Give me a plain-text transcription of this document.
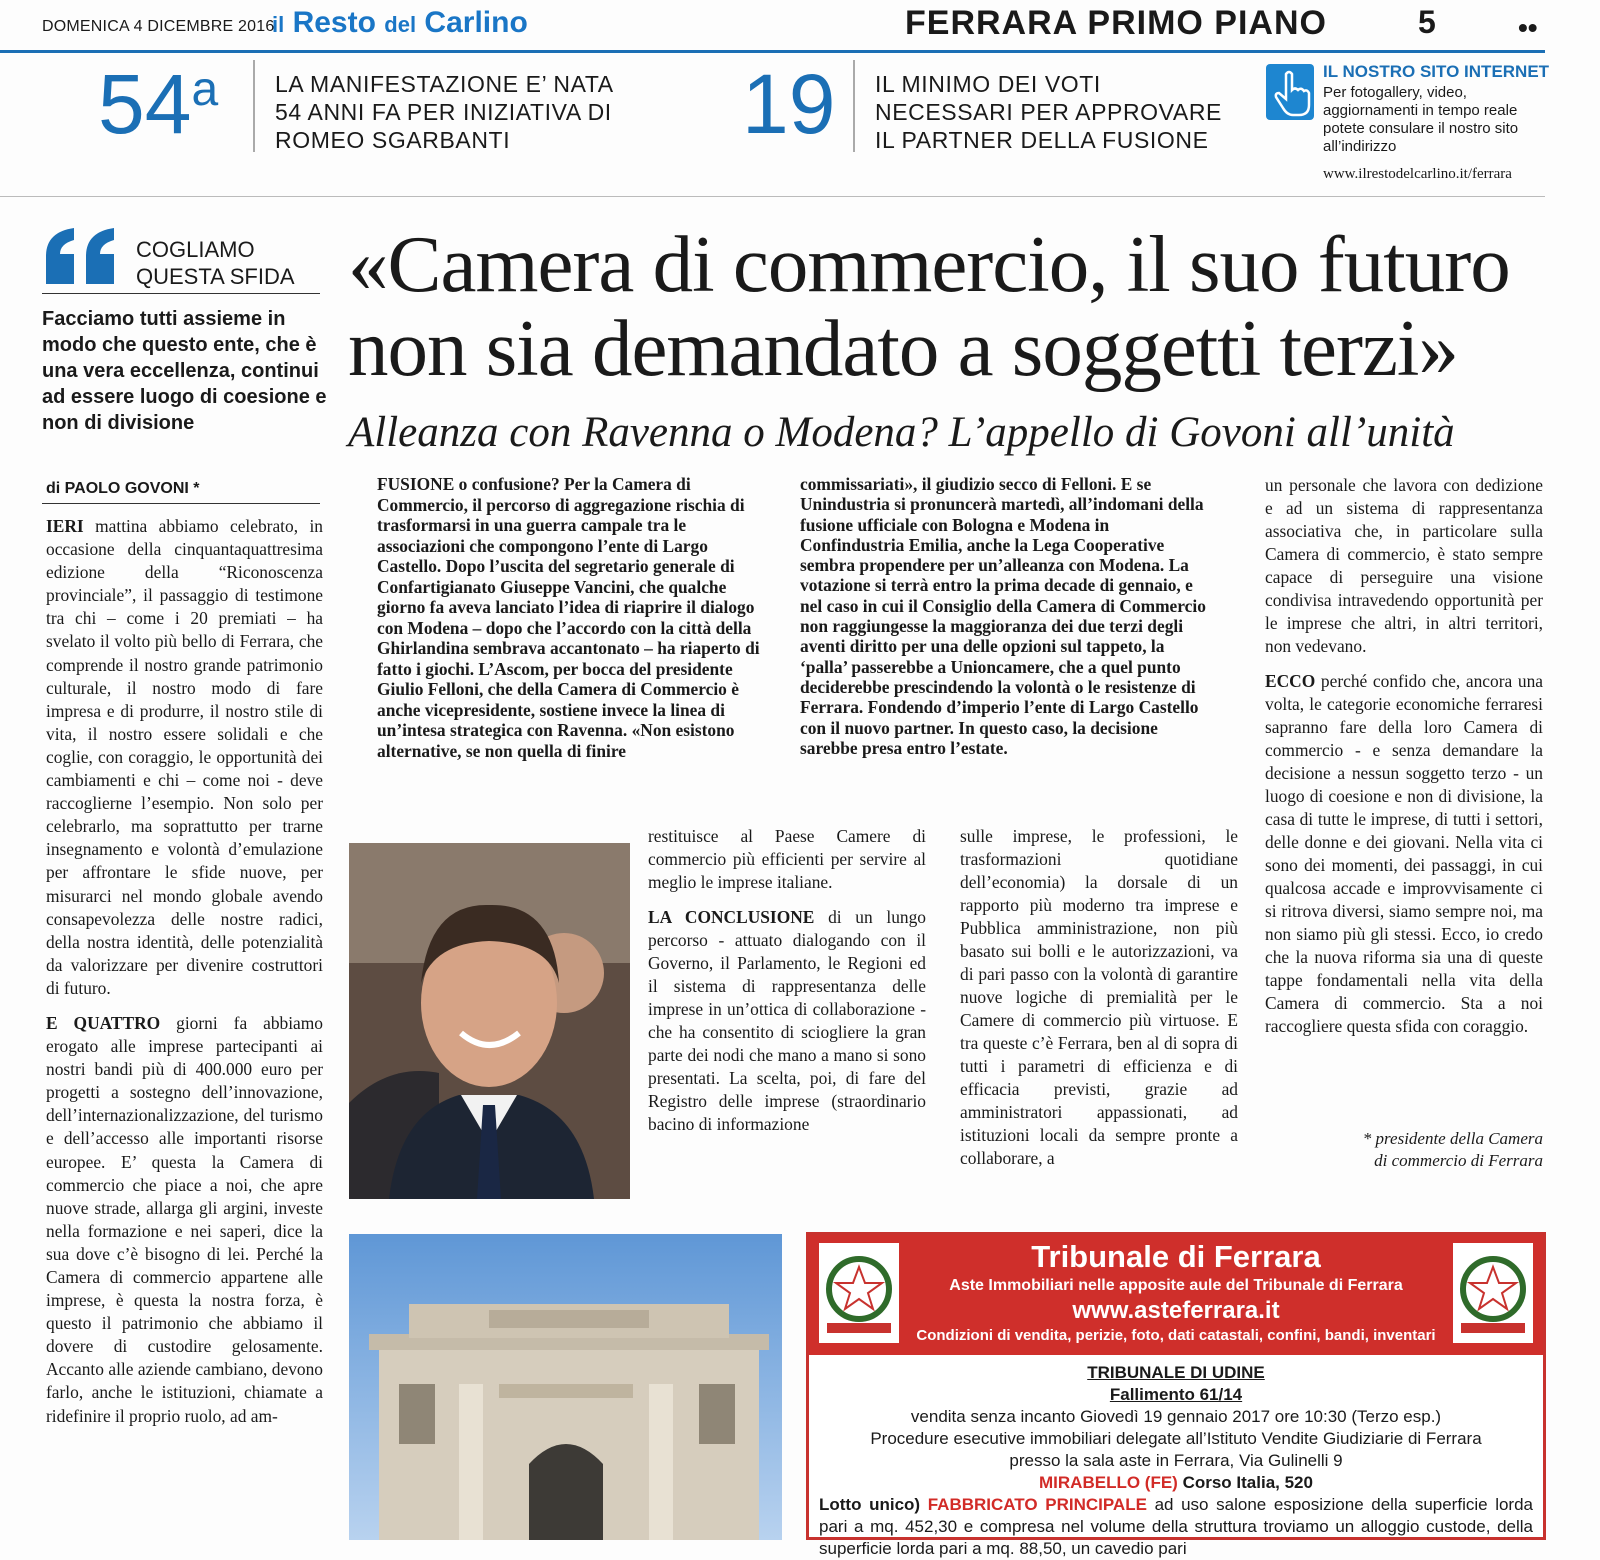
DOMENICA 4 DICEMBRE 2016
il Resto del Carlino	FERRARA PRIMO PIANO	5	••
54$^a$ LA MANIFESTAZIONE E’ NATA 54 ANNI FA PER INIZIATIVA DI ROMEO SGARBANTI	19 IL MINIMO DEI VOTI NECESSARI PER APPROVARE IL PARTNER DELLA FUSIONE
IL NOSTRO SITO INTERNET
Per fotogallery, video, aggiornamenti in tempo reale potete consulare il nostro sito all’indirizzo
www.ilrestodelcarlino.it/ferrara
COGLIAMO
QUESTA SFIDA
Facciamo tutti assieme in modo che questo ente, che è una vera eccellenza, continui ad essere luogo di coesione e non di divisione
di PAOLO GOVONI *

IERI mattina abbiamo celebrato, in occasione della cinquantaquattresima edizione della “Riconoscenza provinciale”, il passaggio di testimone tra chi – come i 20 premiati – ha svelato il volto più bello di Ferrara, che comprende il nostro grande patrimonio culturale, il nostro modo di fare impresa e di produrre, il nostro stile di vita, il nostro essere solidali e che coglie, con coraggio, le opportunità dei cambiamenti e chi – come noi - deve raccoglierne l’esempio. Non solo per celebrarlo, ma soprattutto per trarne insegnamento e volontà d’emulazione per affrontare le sfide nuove, per misurarci nel mondo globale avendo consapevolezza delle nostre radici, della nostra identità, delle potenzialità da valorizzare per divenire costruttori di futuro.

E QUATTRO giorni fa abbiamo erogato alle imprese partecipanti ai nostri bandi più di 400.000 euro per progetti a sostegno dell’innovazione, dell’internazionalizzazione, del turismo e dell’accesso alle importanti risorse europee. E’ questa la Camera di commercio che piace a noi, che apre nuove strade, allarga gli argini, investe nella formazione e nei saperi, dice la sua dove c’è bisogno di lei. Perché la Camera di commercio appartene alle imprese, è questa la nostra forza, è questo il patrimonio che abbiamo il dovere di custodire gelosamente. Accanto alle aziende cambiano, devono farlo, anche le istituzioni, chiamate a ridefinire il proprio ruolo, ad am-

«Camera di commercio, il suo futuro non sia demandato a soggetti terzi»
Alleanza con Ravenna o Modena? L’appello di Govoni all’unità
FUSIONE o confusione? Per la Camera di Commercio, il percorso di aggregazione rischia di trasformarsi in una guerra campale tra le associazioni che compongono l’ente di Largo Castello. Dopo l’uscita del segretario generale di Confartigianato Giuseppe Vancini, che qualche giorno fa aveva lanciato l’idea di riaprire il dialogo con Modena – dopo che l’accordo con la città della Ghirlandina sembrava accantonato – ha riaperto di fatto i giochi. L’Ascom, per bocca del presidente Giulio Felloni, che della Camera di Commercio è anche vicepresidente, sostiene invece la linea di un’intesa strategica con Ravenna. «Non esistono alternative, se non quella di finire
commissariati», il giudizio secco di Felloni. E se Unindustria si pronuncerà martedì, all’indomani della fusione ufficiale con Bologna e Modena in Confindustria Emilia, anche la Lega Cooperative sembra propendere per un’alleanza con Modena. La votazione si terrà entro la prima decade di gennaio, e nel caso in cui il Consiglio della Camera di Commercio non raggiungesse la maggioranza dei due terzi degli aventi diritto per una delle opzioni sul tappeto, la ‘palla’ passerebbe a Unioncamere, che a quel punto deciderebbe prescindendo la volontà o le resistenze di Ferrara. Fondendo d’imperio l’ente di Largo Castello con il nuovo partner. In questo caso, la decisione sarebbe presa entro l’estate.

restituisce al Paese Camere di commercio più efficienti per servire al meglio le imprese italiane.

LA CONCLUSIONE di un lungo percorso - attuato dialogando con il Governo, il Parlamento, le Regioni ed il sistema di rappresentanza delle imprese in un’ottica di collaborazione - che ha consentito di sciogliere la gran parte dei nodi che mano a mano si sono presentati. La scelta, poi, di fare del Registro delle imprese (straordinario bacino di informazione

sulle imprese, le professioni, le trasformazioni quotidiane dell’economia) la dorsale di un rapporto più moderno tra imprese e Pubblica amministrazione, non più basato sui bolli e le autorizzazioni, va di pari passo con la volontà di garantire nuove logiche di premialità per le Camere di commercio più virtuose. E tra queste c’è Ferrara, ben al di sopra di tutti i parametri di efficienza e di efficacia previsti, grazie ad amministratori appassionati, ad istituzioni locali da sempre pronte a collaborare, a

un personale che lavora con dedizione e ad un sistema di rappresentanza associativa che, in particolare sulla Camera di commercio, è stato sempre capace di perseguire una visione condivisa intravedendo opportunità per le imprese che altri, in altri territori, non vedevano.

ECCO perché confido che, ancora una volta, le categorie economiche ferraresi sapranno fare della loro Camera di commercio - e senza demandare la decisione a nessun soggetto terzo - un luogo di coesione e non di divisione, la casa di tutte le imprese, di tutti i settori, delle donne e dei giovani. Nella vita ci sono dei momenti, dei passaggi, in cui qualcosa accade e improvvisamente ci si ritrova diversi, siamo sempre noi, ma non siamo più gli stessi. Ecco, io credo che la nuova riforma sia una di queste tappe fondamentali nella vita della Camera di commercio. Sta a noi raccogliere questa sfida con coraggio.

* presidente della Camera
di commercio di Ferrara
Tribunale di Ferrara
Aste Immobiliari nelle apposite aule del Tribunale di Ferrara
www.asteferrara.it
Condizioni di vendita, perizie, foto, dati catastali, confini, bandi, inventari
TRIBUNALE DI UDINE
Fallimento 61/14
vendita senza incanto Giovedì 19 gennaio 2017 ore 10:30 (Terzo esp.)
Procedure esecutive immobiliari delegate all’Istituto Vendite Giudiziarie di Ferrara
presso la sala aste in Ferrara, Via Gulinelli 9
MIRABELLO (FE) Corso Italia, 520
Lotto unico) FABBRICATO PRINCIPALE ad uso salone esposizione della superficie lorda pari a mq. 452,30 e compresa nel volume della struttura troviamo un alloggio custode, della superficie lorda pari a mq. 88,50, un cavedio pari
